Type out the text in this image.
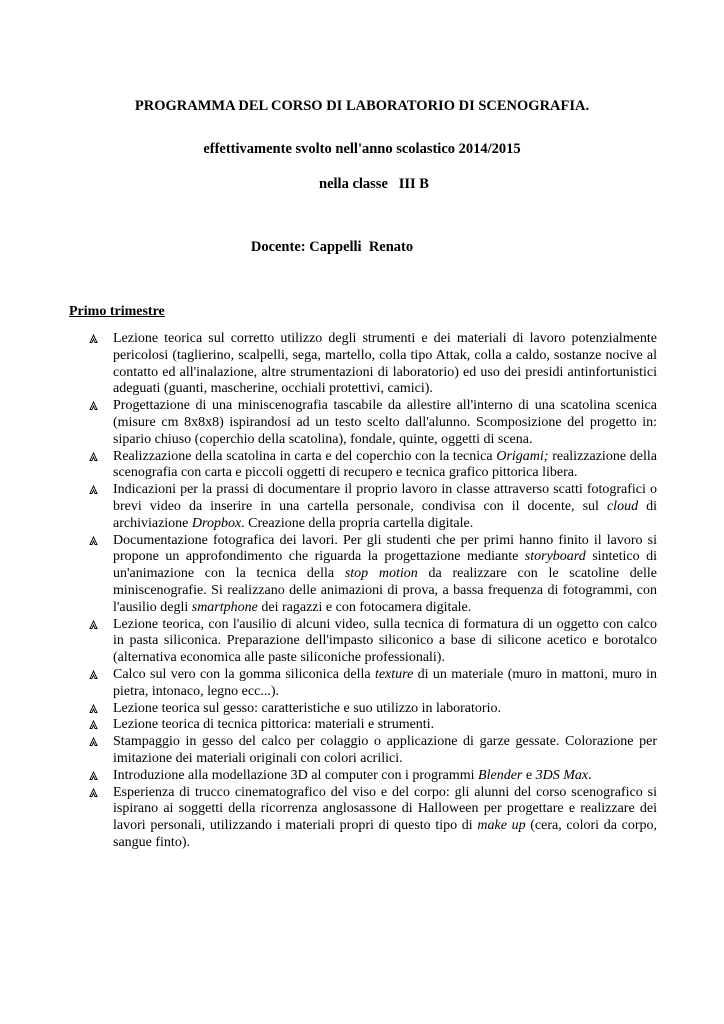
PROGRAMMA DEL CORSO DI LABORATORIO DI SCENOGRAFIA.

effettivamente svolto nell'anno scolastico 2014/2015

nella classe   III B

Docente: Cappelli  Renato

Primo trimestre

Lezione teorica sul corretto utilizzo degli strumenti e dei materiali di lavoro potenzialmente pericolosi (taglierino, scalpelli, sega, martello, colla tipo Attak, colla a caldo, sostanze nocive al contatto ed all'inalazione, altre strumentazioni di laboratorio) ed uso dei presidi antinfortunistici adeguati (guanti, mascherine, occhiali protettivi, camici).
Progettazione di una miniscenografia tascabile da allestire all'interno di una scatolina scenica (misure cm 8x8x8) ispirandosi ad un testo scelto dall'alunno. Scomposizione del progetto in: sipario chiuso (coperchio della scatolina), fondale, quinte, oggetti di scena.
Realizzazione della scatolina in carta e del coperchio con la tecnica Origami; realizzazione della scenografia con carta e piccoli oggetti di recupero e tecnica grafico pittorica libera.
Indicazioni per la prassi di documentare il proprio lavoro in classe attraverso scatti fotografici o brevi video da inserire in una cartella personale, condivisa con il docente, sul cloud di archiviazione Dropbox. Creazione della propria cartella digitale.
Documentazione fotografica dei lavori. Per gli studenti che per primi hanno finito il lavoro si propone un approfondimento che riguarda la progettazione mediante storyboard sintetico di un'animazione con la tecnica della stop motion da realizzare con le scatoline delle miniscenografie. Si realizzano delle animazioni di prova, a bassa frequenza di fotogrammi, con l'ausilio degli smartphone dei ragazzi e con fotocamera digitale.
Lezione teorica, con l'ausilio di alcuni video, sulla tecnica di formatura di un oggetto con calco in pasta siliconica. Preparazione dell'impasto siliconico a base di silicone acetico e borotalco (alternativa economica alle paste siliconiche professionali).
Calco sul vero con la gomma siliconica della texture di un materiale (muro in mattoni, muro in pietra, intonaco, legno ecc...).
Lezione teorica sul gesso: caratteristiche e suo utilizzo in laboratorio.
Lezione teorica di tecnica pittorica: materiali e strumenti.
Stampaggio in gesso del calco per colaggio o applicazione di garze gessate. Colorazione per imitazione dei materiali originali con colori acrilici.
Introduzione alla modellazione 3D al computer con i programmi Blender e 3DS Max.
Esperienza di trucco cinematografico del viso e del corpo: gli alunni del corso scenografico si ispirano ai soggetti della ricorrenza anglosassone di Halloween per progettare e realizzare dei lavori personali, utilizzando i materiali propri di questo tipo di make up (cera, colori da corpo, sangue finto).
